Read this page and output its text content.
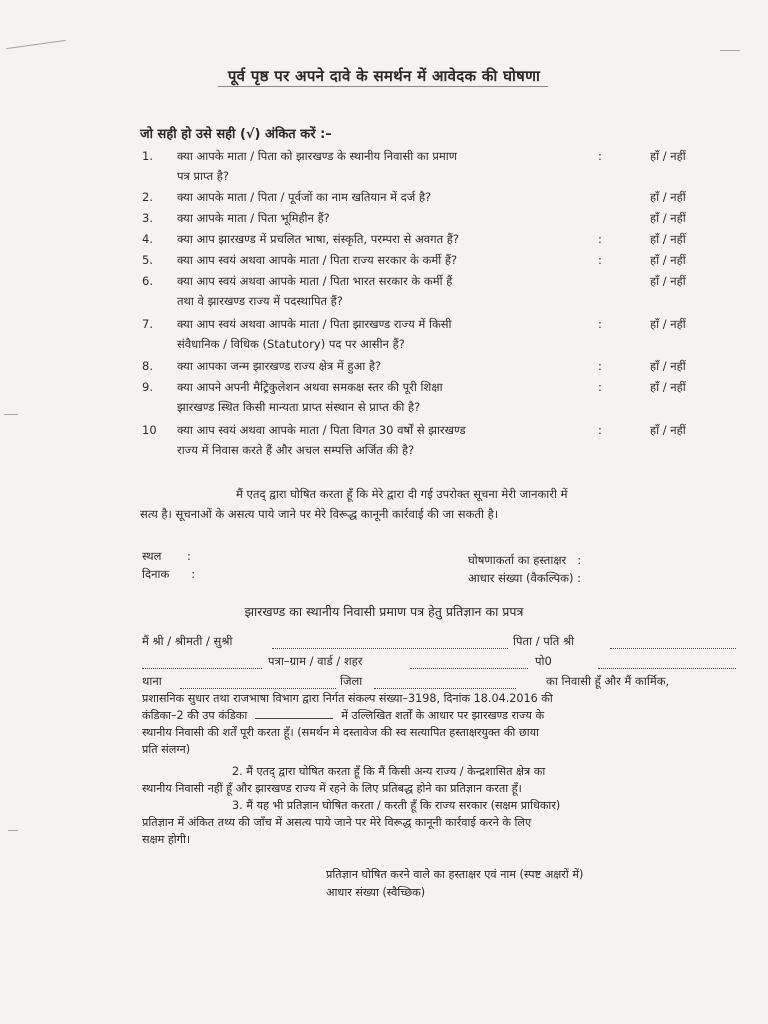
पूर्व पृष्ठ पर अपने दावे के समर्थन में आवेदक की घोषणा
जो सही हो उसे सही (√) अंकित करें :–
1. क्या आपके माता / पिता को झारखण्ड के स्थानीय निवासी का प्रमाण
पत्र प्राप्त है?
:	हाँ / नहीं
2. क्या आपके माता / पिता / पूर्वजों का नाम खतियान में दर्ज है?	हाँ / नहीं
3. क्या आपके माता / पिता भूमिहीन हैं?	हाँ / नहीं
4. क्या आप झारखण्ड में प्रचलित भाषा, संस्कृति, परम्परा से अवगत हैं?	:	हाँ / नहीं
5. क्या आप स्वयं अथवा आपके माता / पिता राज्य सरकार के कर्मी हैं?	:	हाँ / नहीं
6. क्या आप स्वयं अथवा आपके माता / पिता भारत सरकार के कर्मी हैं
तथा वे झारखण्ड राज्य में पदस्थापित हैं?
हाँ / नहीं
7. क्या आप स्वयं अथवा आपके माता / पिता झारखण्ड राज्य में किसी
संवैधानिक / विधिक (Statutory) पद पर आसीन हैं?
:	हाँ / नहीं
8. क्या आपका जन्म झारखण्ड राज्य क्षेत्र में हुआ है?	:	हाँ / नहीं
9. क्या आपने अपनी मैट्रिकुलेशन अथवा समकक्ष स्तर की पूरी शिक्षा
झारखण्ड स्थित किसी मान्यता प्राप्त संस्थान से प्राप्त की है?
:	हाँ / नहीं
10 क्या आप स्वयं अथवा आपके माता / पिता विगत 30 वर्षों से झारखण्ड
राज्य में निवास करते हैं और अचल सम्पत्ति अर्जित की है?
:	हाँ / नहीं
मैं एतद् द्वारा घोषित करता हूँ कि मेरे द्वारा दी गई उपरोक्त सूचना मेरी जानकारी में
सत्य है। सूचनाओं के असत्य पाये जाने पर मेरे विरूद्ध कानूनी कार्रवाई की जा सकती है।
स्थल :
दिनाक :
घोषणाकर्ता का हस्ताक्षर :
आधार संख्या (वैकल्पिक) :
झारखण्ड का स्थानीय निवासी प्रमाण पत्र हेतु प्रतिज्ञान का प्रपत्र
मैं श्री / श्रीमती / सुश्री	पिता / पति श्री
पत्रा–ग्राम / वार्ड / शहर	पो0
थाना	जिला	का निवासी हूँ और मैं कार्मिक,
प्रशासनिक सुधार तथा राजभाषा विभाग द्वारा निर्गत संकल्प संख्या–3198, दिनांक 18.04.2016 की
कंडिका–2 की उप कंडिका	में उल्लिखित शर्तों के आधार पर झारखण्ड राज्य के
स्थानीय निवासी की शर्तें पूरी करता हूँ। (समर्थन मे दस्तावेज की स्व सत्यापित हस्ताक्षरयुक्त की छाया
प्रति संलग्न)
2. मैं एतद् द्वारा घोषित करता हूँ कि मैं किसी अन्य राज्य / केन्द्रशासित क्षेत्र का
स्थानीय निवासी नहीं हूँ और झारखण्ड राज्य में रहने के लिए प्रतिबद्ध होने का प्रतिज्ञान करता हूँ।
3. मैं यह भी प्रतिज्ञान घोषित करता / करती हूँ कि राज्य सरकार (सक्षम प्राधिकार)
प्रतिज्ञान में अंकित तथ्य की जाँच में असत्य पाये जाने पर मेरे विरूद्ध कानूनी कार्रवाई करने के लिए
सक्षम होगी।
प्रतिज्ञान घोषित करने वाले का हस्ताक्षर एवं नाम (स्पष्ट अक्षरों में)
आधार संख्या (स्वैच्छिक)
